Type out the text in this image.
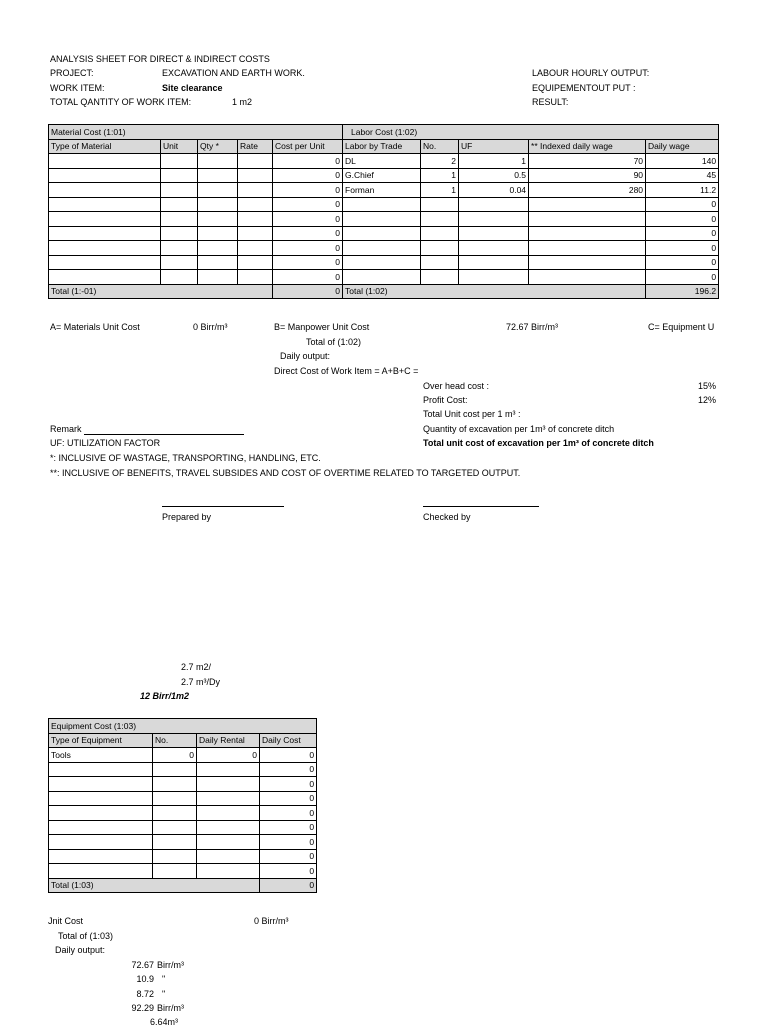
ANALYSIS SHEET FOR DIRECT & INDIRECT COSTS
PROJECT:	EXCAVATION AND EARTH WORK.
WORK ITEM:	Site clearance
TOTAL QANTITY OF WORK ITEM:	1 m2
LABOUR HOURLY OUTPUT:
EQUIPEMENTOUT PUT :
RESULT:
Material Cost (1:01)					Labor Cost (1:02)				
Type of Material	Unit	Qty *	Rate	Cost per Unit	Labor by Trade	No.	UF	** Indexed daily wage	Daily wage
				0	DL	2	1	70	140
				0	G.Chief	1	0.5	90	45
				0	Forman	1	0.04	280	11.2
				0					0
				0					0
				0					0
				0					0
				0					0
				0					0
Total (1:-01)				0	Total (1:02)				196.2
A= Materials Unit Cost	0 Birr/m³	B= Manpower Unit Cost	72.67 Birr/m³	C= Equipment U
Total of (1:02)
Daily output:
Direct Cost of Work Item = A+B+C =
Over head cost :	15%
Profit Cost:	12%
Total Unit cost per 1 m³ :
Quantity of excavation per 1m³ of concrete ditch
Total unit cost of excavation per 1m³ of concrete ditch
Remark
UF: UTILIZATION FACTOR
*: INCLUSIVE OF WASTAGE, TRANSPORTING, HANDLING, ETC.
**: INCLUSIVE OF BENEFITS, TRAVEL SUBSIDES AND COST OF OVERTIME RELATED TO TARGETED OUTPUT.
Prepared by	Checked by
2.7 m2/
2.7 m³/Dy
12 Birr/1m2
Equipment Cost (1:03)			
Type of Equipment	No.	Daily Rental	Daily Cost
Tools	0	0	0
			0
			0
			0
			0
			0
			0
			0
			0
Total (1:03)			0
Jnit Cost	0 Birr/m³
Total of (1:03)
Daily output:
72.67 Birr/m³
10.9 "
8.72 "
92.29 Birr/m³
6.64m³
